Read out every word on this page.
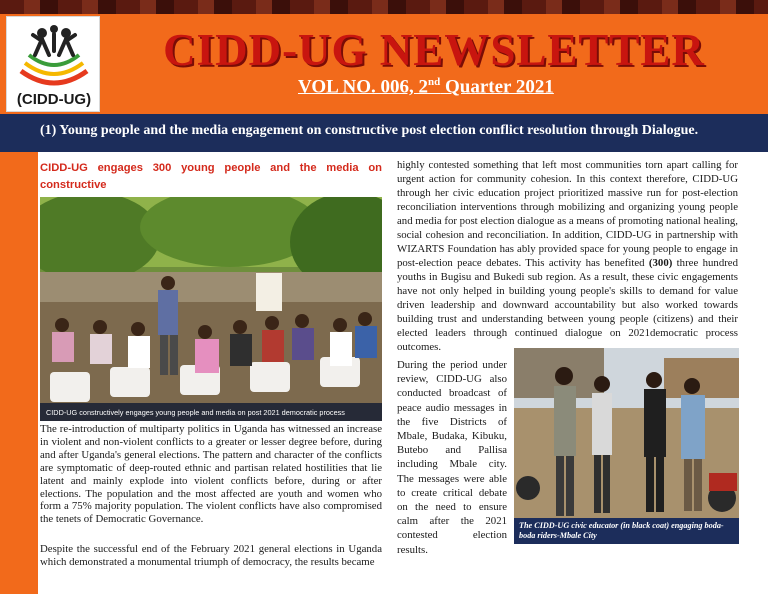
(CIDD-UG)
CIDD-UG NEWSLETTER
VOL NO. 006, 2nd Quarter 2021
(1) Young people and the media engagement on constructive post election conflict resolution through Dialogue.
CIDD-UG engages 300 young people and the media on constructive
CIDD-UG constructively engages young people and media on post 2021 democratic process

The re-introduction of multiparty politics in Uganda has witnessed an increase in violent and non-violent conflicts to a greater or lesser degree before, during and after Uganda's general elections. The pattern and character of the conflicts are symptomatic of deep-routed ethnic and partisan related hostilities that lie latent and mainly explode into violent conflicts before, during or after elections. The population and the most affected are youth and women who form a 75% majority population. The violent conflicts have also compromised the tenets of Democratic Governance.

Despite the successful end of the February 2021 general elections in Uganda which demonstrated a monumental triumph of democracy, the results became

highly contested something that left most communities torn apart calling for urgent action for community cohesion. In this context therefore, CIDD-UG through her civic education project prioritized massive run for post-election reconciliation interventions through mobilizing and organizing young people and media for post election dialogue as a means of promoting national healing, social cohesion and reconciliation. In addition, CIDD-UG in partnership with WIZARTS Foundation has ably provided space for young people to engage in post-election peace debates. This activity has benefited (300) three hundred youths in Bugisu and Bukedi sub region. As a result, these civic engagements have not only helped in building young people's skills to demand for value driven leadership and downward accountability but also worked towards building trust and understanding between young people (citizens) and their elected leaders through continued dialogue on 2021democratic process outcomes.

During the period under review, CIDD-UG also conducted broadcast of peace audio messages in the five Districts of Mbale, Budaka, Kibuku, Butebo and Pallisa including Mbale city. The messages were able to create critical debate on the need to ensure calm after the 2021 contested election results.

The CIDD-UG civic educator (in black coat) engaging boda-boda riders-Mbale City
